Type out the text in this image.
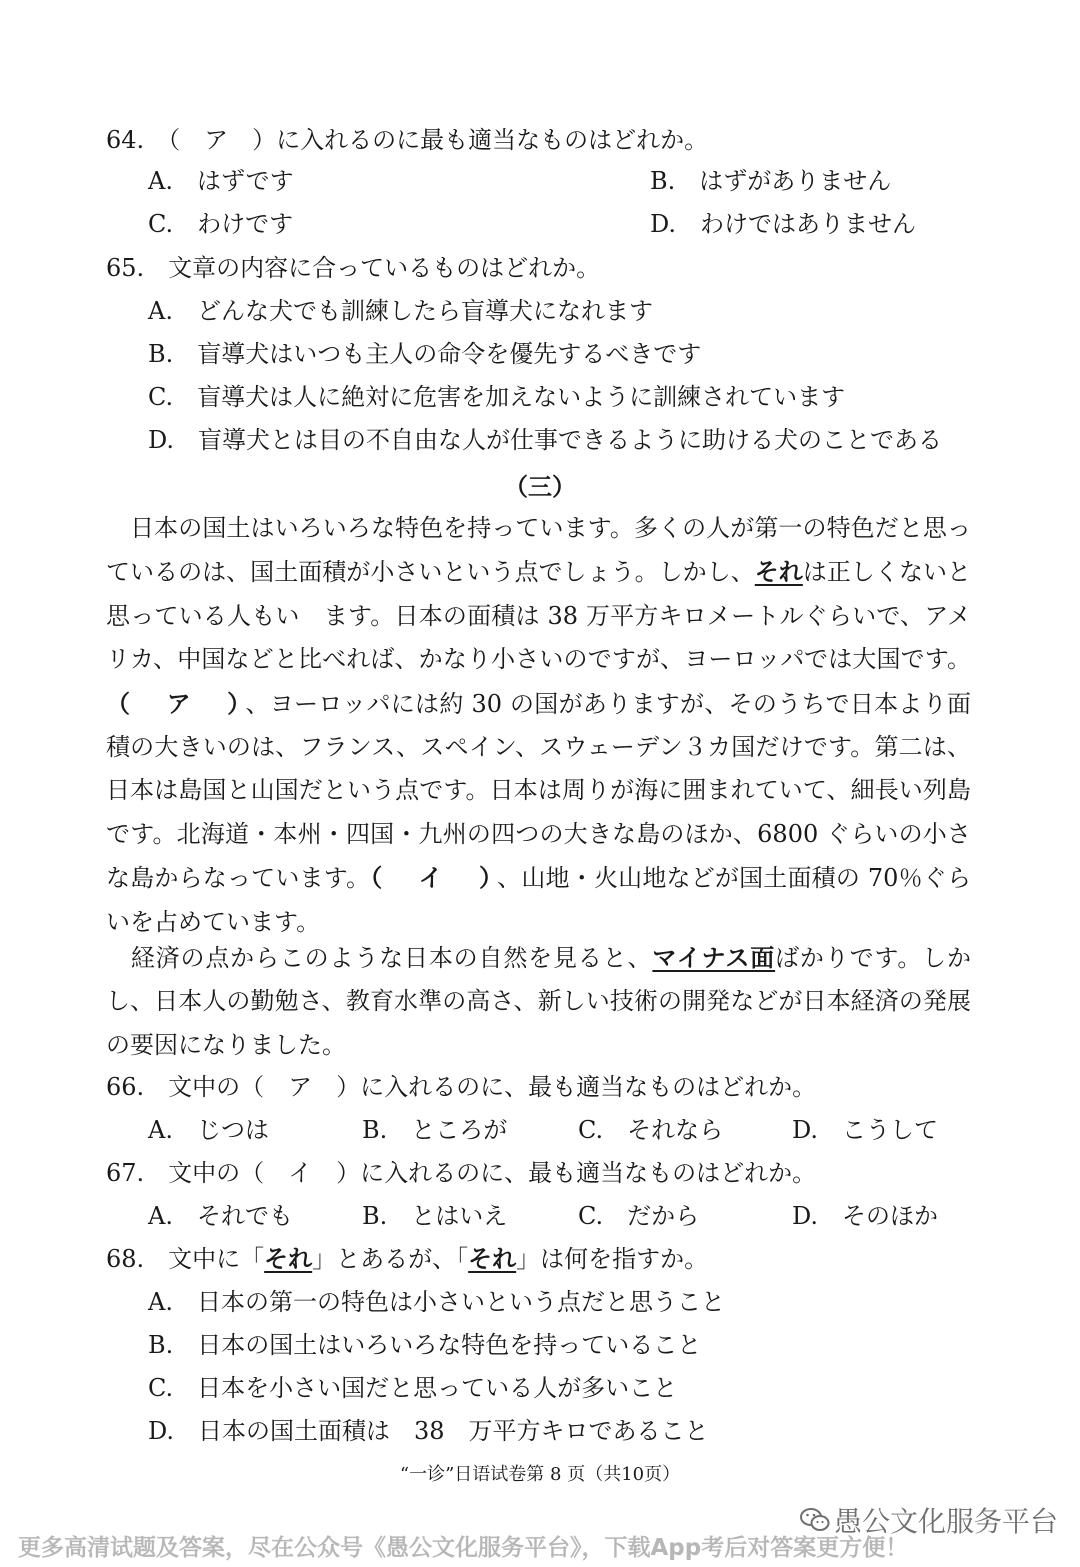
64.　（　ア　）に入れるのに最も適当なものはどれか。
A.　はずです	B.　はずがありません
C.　わけです	D.　わけではありません
65.　文章の内容に合っているものはどれか。
A.　どんな犬でも訓練したら盲導犬になれます
B.　盲導犬はいつも主人の命令を優先するべきです
C.　盲導犬は人に絶対に危害を加えないように訓練されています
D.　盲導犬とは目の不自由な人が仕事できるように助ける犬のことである
（三）

日本の国土はいろいろな特色を持っています。多くの人が第一の特色だと思っているのは、国土面積が小さいという点でしょう。しかし、それは正しくないと思っている人もい　ます。日本の面積は 38 万平方キロメートルぐらいで、アメリカ、中国などと比べれば、かなり小さいのですが、ヨーロッパでは大国です。（　ア　）、ヨーロッパには約 30 の国がありますが、そのうちで日本より面積の大きいのは、フランス、スペイン、スウェーデン３カ国だけです。第二は、日本は島国と山国だという点です。日本は周りが海に囲まれていて、細長い列島です。北海道・本州・四国・九州の四つの大きな島のほか、6800 ぐらいの小さな島からなっています。（　イ　）、山地・火山地などが国土面積の 70％ぐらいを占めています。

経済の点からこのような日本の自然を見ると、マイナス面ばかりです。しかし、日本人の勤勉さ、教育水準の高さ、新しい技術の開発などが日本経済の発展の要因になりました。

66.　文中の（　ア　）に入れるのに、最も適当なものはどれか。
A.　じつは	B.　ところが	C.　それなら	D.　こうして
67.　文中の（　イ　）に入れるのに、最も適当なものはどれか。
A.　それでも	B.　とはいえ	C.　だから	D.　そのほか
68.　文中に「それ」とあるが、「それ」は何を指すか。
A.　日本の第一の特色は小さいという点だと思うこと
B.　日本の国土はいろいろな特色を持っていること
C.　日本を小さい国だと思っている人が多いこと
D.　日本の国土面積は　38　万平方キロであること
“一诊”日语试卷第 8 页（共10页）
愚公文化服务平台
更多高清试题及答案，尽在公众号《愚公文化服务平台》，下载App考后对答案更方便！
